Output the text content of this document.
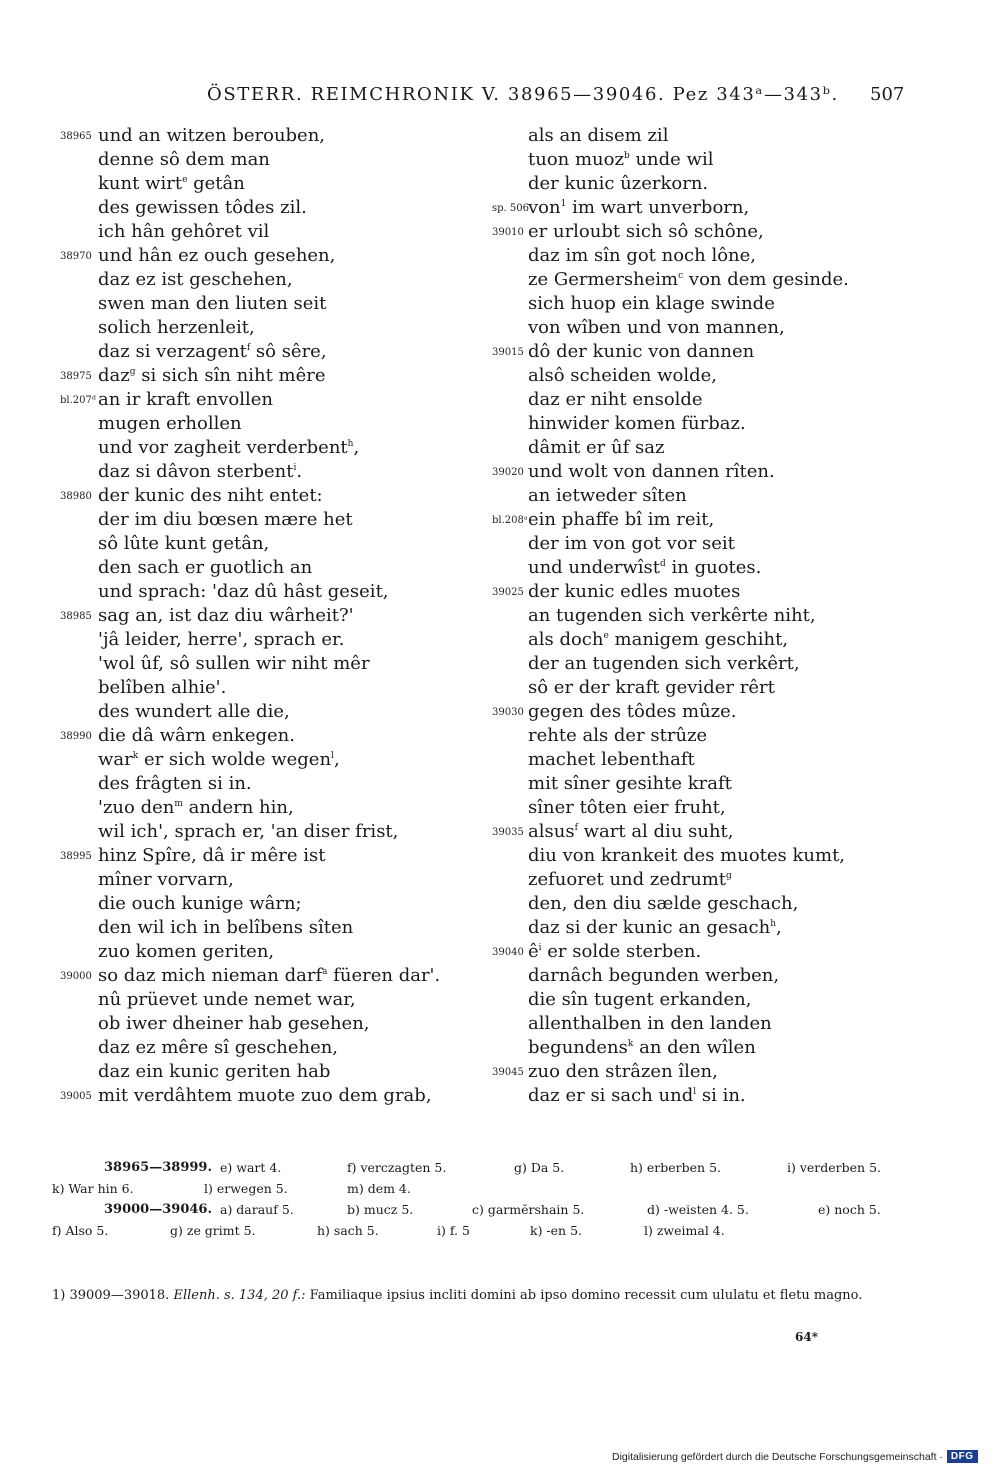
ÖSTERR. REIMCHRONIK V. 38965—39046. Pez 343ᵃ—343ᵇ. 507
38965 und an witzen berouben,
denne sô dem man
kunt wirt$^e$ getân
des gewissen tôdes zil.
ich hân gehôret vil
38970 und hân ez ouch gesehen,
daz ez ist geschehen,
swen man den liuten seit
solich herzenleit,
daz si verzagent$^f$ sô sêre,
38975 daz$^g$ si sich sîn niht mêre
bl.207ᵈ an ir kraft envollen
mugen erhollen
und vor zagheit verderbent$^h$,
daz si dâvon sterbent$^i$.
38980 der kunic des niht entet:
der im diu bœsen mære het
sô lûte kunt getân,
den sach er guotlich an
und sprach: 'daz dû hâst geseit,
38985 sag an, ist daz diu wârheit?'
'jâ leider, herre', sprach er.
'wol ûf, sô sullen wir niht mêr
belîben alhie'.
des wundert alle die,
38990 die dâ wârn enkegen.
war$^k$ er sich wolde wegen$^l$,
des frâgten si in.
'zuo den$^m$ andern hin,
wil ich', sprach er, 'an diser frist,
38995 hinz Spîre, dâ ir mêre ist
mîner vorvarn,
die ouch kunige wârn;
den wil ich in belîbens sîten
zuo komen geriten,
39000 so daz mich nieman darf$^a$ füeren dar'.
nû prüevet unde nemet war,
ob iwer dheiner hab gesehen,
daz ez mêre sî geschehen,
daz ein kunic geriten hab
39005 mit verdâhtem muote zuo dem grab,
als an disem zil
tuon muoz$^b$ unde wil
der kunic ûzerkorn.
sp. 506 von$^1$ im wart unverborn,
39010 er urloubt sich sô schône,
daz im sîn got noch lône,
ze Germersheim$^c$ von dem gesinde.
sich huop ein klage swinde
von wîben und von mannen,
39015 dô der kunic von dannen
alsô scheiden wolde,
daz er niht ensolde
hinwider komen fürbaz.
dâmit er ûf saz
39020 und wolt von dannen rîten.
an ietweder sîten
bl.208ᵃ ein phaffe bî im reit,
der im von got vor seit
und underwîst$^d$ in guotes.
39025 der kunic edles muotes
an tugenden sich verkêrte niht,
als doch$^e$ manigem geschiht,
der an tugenden sich verkêrt,
sô er der kraft gevider rêrt
39030 gegen des tôdes mûze.
rehte als der strûze
machet lebenthaft
mit sîner gesihte kraft
sîner tôten eier fruht,
39035 alsus$^f$ wart al diu suht,
diu von krankeit des muotes kumt,
zefuoret und zedrumt$^g$
den, den diu sælde geschach,
daz si der kunic an gesach$^h$,
39040 $ê^i$ er solde sterben.
darnâch begunden werben,
die sîn tugent erkanden,
allenthalben in den landen
begundens$^k$ an den wîlen
39045 zuo den strâzen îlen,
daz er si sach und$^l$ si in.
38965—38999. e) wart 4.	f) verczagten 5.	g) Da 5.	h) erberben 5.	i) verderben 5.
k) War hin 6.	l) erwegen 5.	m) dem 4.
39000—39046. a) darauf 5.	b) mucz 5.	c) garmĕrshain 5.	d) -weisten 4. 5.	e) noch 5.
f) Also 5.	g) ze grimt 5.	h) sach 5.	i) f. 5	k) -en 5.	l) zweimal 4.
1) 39009—39018. Ellenh. s. 134, 20 f.: Familiaque ipsius incliti domini ab ipso domino recessit cum ululatu et fletu magno.
64*
Digitalisierung gefördert durch die Deutsche Forschungsgemeinschaft · DFG
